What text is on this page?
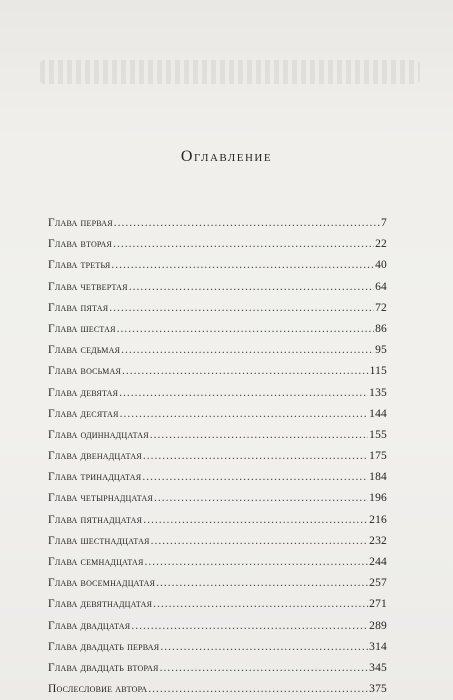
Оглавление
Глава первая .....	7
Глава вторая .....	22
Глава третья .....	40
Глава четвертая .....	64
Глава пятая .....	72
Глава шестая .....	86
Глава седьмая .....	95
Глава восьмая .....	115
Глава девятая .....	135
Глава десятая .....	144
Глава одиннадцатая .....	155
Глава двенадцатая .....	175
Глава тринадцатая .....	184
Глава четырнадцатая .....	196
Глава пятнадцатая .....	216
Глава шестнадцатая .....	232
Глава семнадцатая .....	244
Глава восемнадцатая .....	257
Глава девятнадцатая .....	271
Глава двадцатая .....	289
Глава двадцать первая .....	314
Глава двадцать вторая .....	345
Послесловие автора .....	375
